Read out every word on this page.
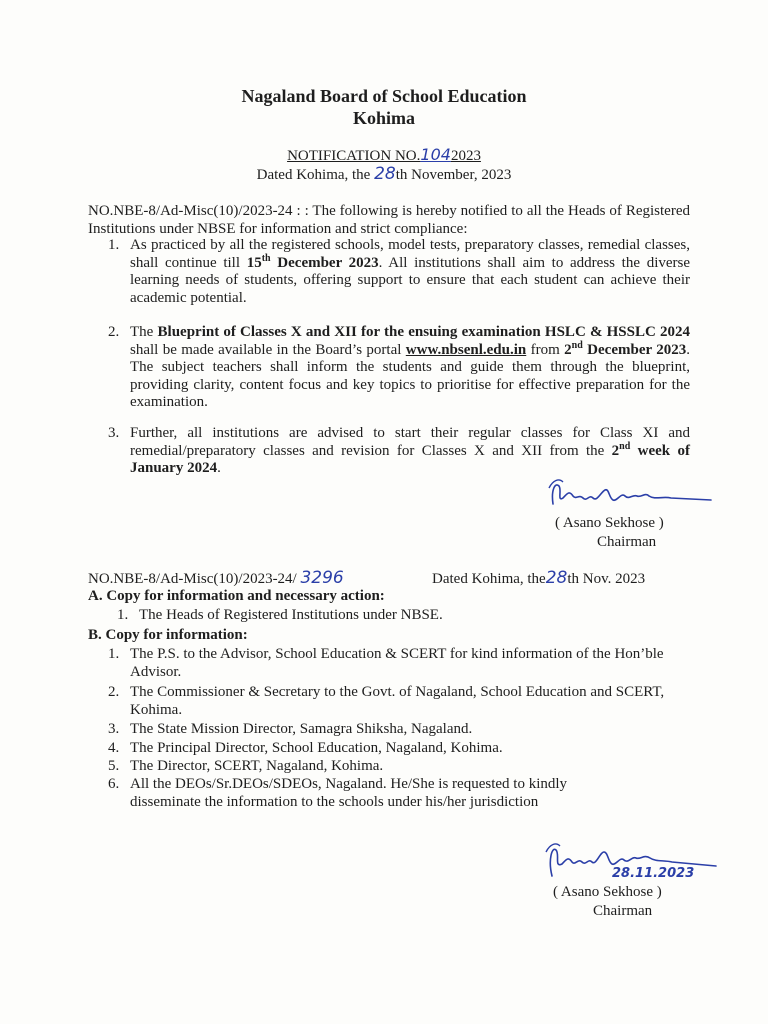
Nagaland Board of School Education
Kohima
NOTIFICATION NO.1042023
Dated Kohima, the 28th November, 2023
NO.NBE-8/Ad-Misc(10)/2023-24 : : The following is hereby notified to all the Heads of Registered Institutions under NBSE for information and strict compliance:
1. As practiced by all the registered schools, model tests, preparatory classes, remedial classes, shall continue till 15th December 2023. All institutions shall aim to address the diverse learning needs of students, offering support to ensure that each student can achieve their academic potential.
2. The Blueprint of Classes X and XII for the ensuing examination HSLC & HSSLC 2024 shall be made available in the Board’s portal www.nbsenl.edu.in from 2nd December 2023. The subject teachers shall inform the students and guide them through the blueprint, providing clarity, content focus and key topics to prioritise for effective preparation for the examination.
3. Further, all institutions are advised to start their regular classes for Class XI and remedial/preparatory classes and revision for Classes X and XII from the 2nd week of January 2024.
( Asano Sekhose )
Chairman
NO.NBE-8/Ad-Misc(10)/2023-24/ 3296	Dated Kohima, the28th Nov. 2023
A. Copy for information and necessary action:
1. The Heads of Registered Institutions under NBSE.
B. Copy for information:
1. The P.S. to the Advisor, School Education & SCERT for kind information of the Hon’ble Advisor.
2. The Commissioner & Secretary to the Govt. of Nagaland, School Education and SCERT, Kohima.
3. The State Mission Director, Samagra Shiksha, Nagaland.
4. The Principal Director, School Education, Nagaland, Kohima.
5. The Director, SCERT, Nagaland, Kohima.
6. All the DEOs/Sr.DEOs/SDEOs, Nagaland. He/She is requested to kindly disseminate the information to the schools under his/her jurisdiction
28.11.2023
( Asano Sekhose )
Chairman
